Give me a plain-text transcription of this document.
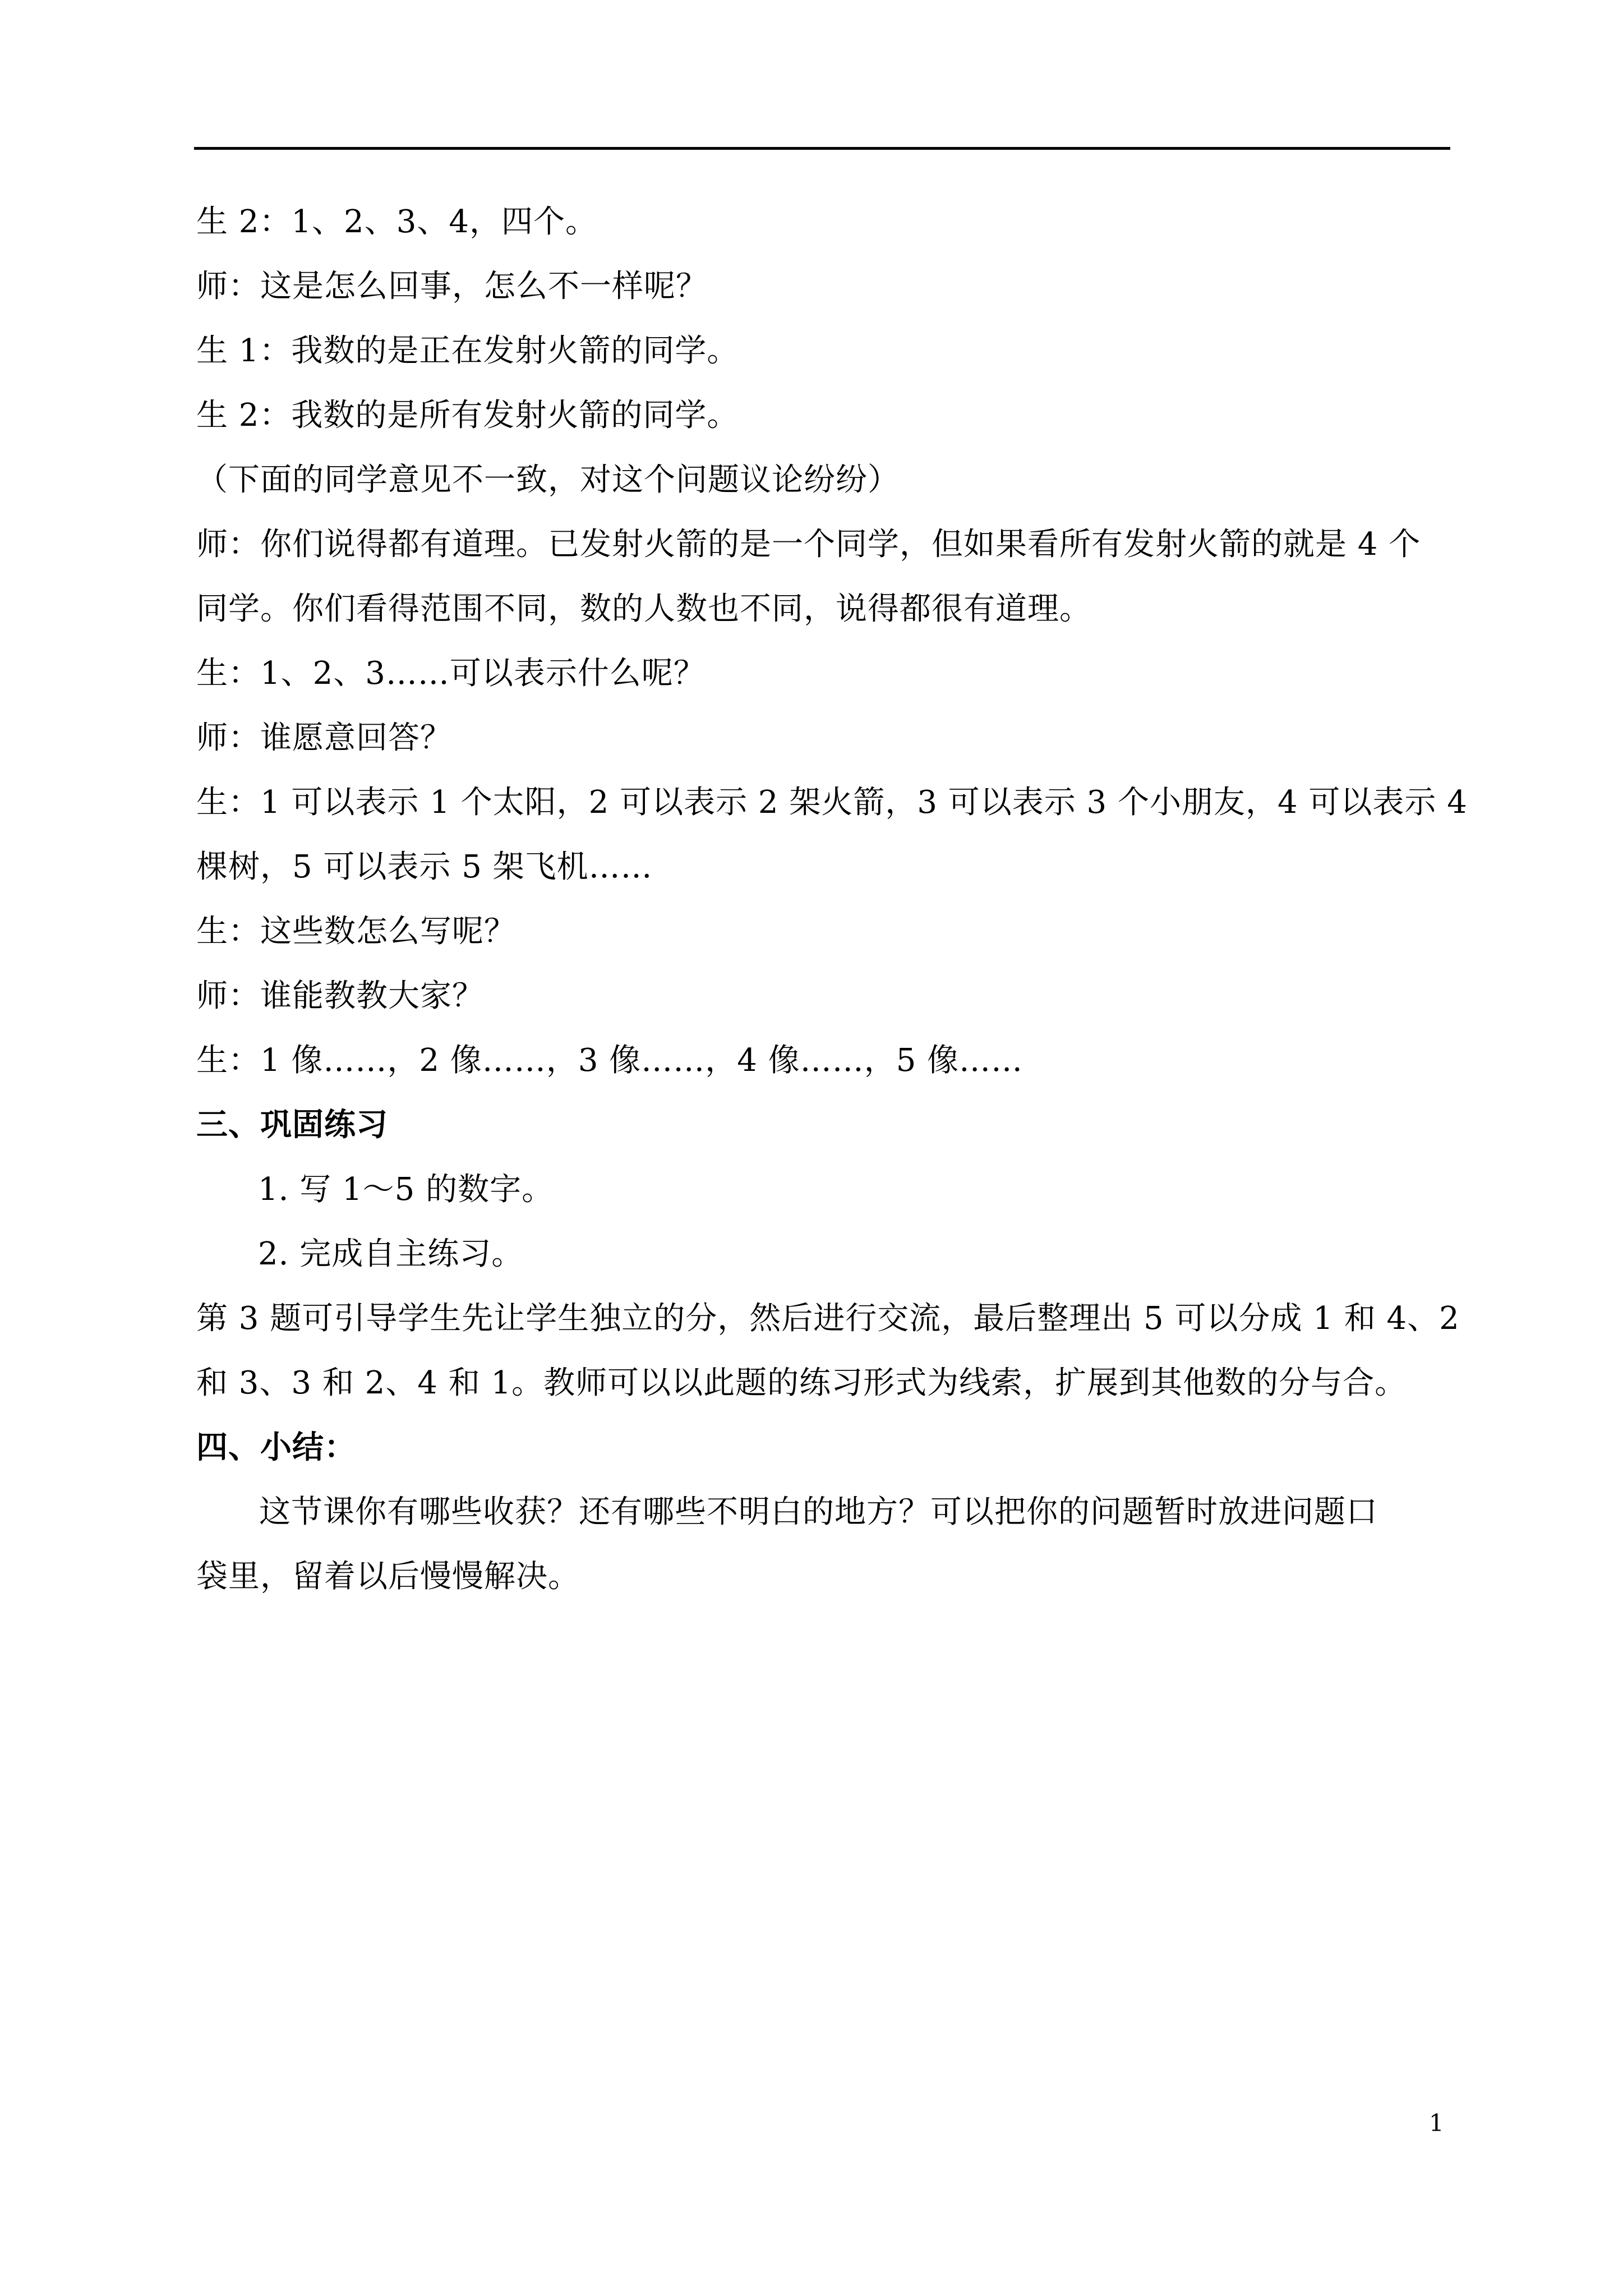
生 2：1、2、3、4，四个。
师：这是怎么回事，怎么不一样呢？
生 1：我数的是正在发射火箭的同学。
生 2：我数的是所有发射火箭的同学。
（下面的同学意见不一致，对这个问题议论纷纷）
师：你们说得都有道理。已发射火箭的是一个同学，但如果看所有发射火箭的就是 4 个
同学。你们看得范围不同，数的人数也不同，说得都很有道理。
生：1、2、3……可以表示什么呢？
师：谁愿意回答？
生：1 可以表示 1 个太阳，2 可以表示 2 架火箭，3 可以表示 3 个小朋友，4 可以表示 4
棵树，5 可以表示 5 架飞机……
生：这些数怎么写呢？
师：谁能教教大家？
生：1 像……，2 像……，3 像……，4 像……，5 像……
三、巩固练习
1. 写 1～5 的数字。
2. 完成自主练习。
第 3 题可引导学生先让学生独立的分，然后进行交流，最后整理出 5 可以分成 1 和 4、2
和 3、3 和 2、4 和 1。教师可以以此题的练习形式为线索，扩展到其他数的分与合。
四、小结：
这节课你有哪些收获？还有哪些不明白的地方？可以把你的问题暂时放进问题口
袋里，留着以后慢慢解决。
1
